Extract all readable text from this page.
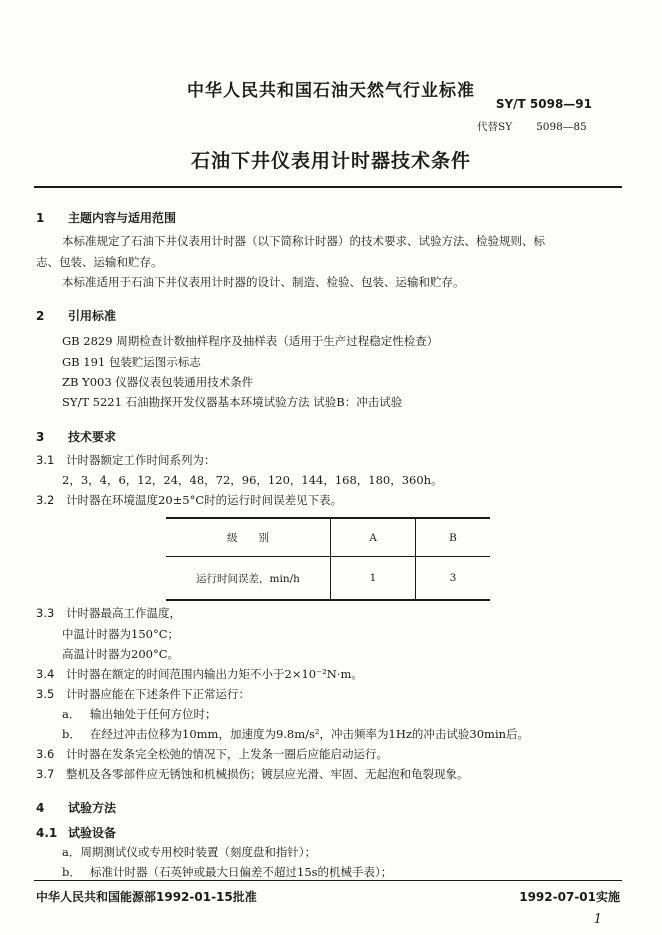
中华人民共和国石油天然气行业标准
SY/T 5098—91
代替SY 5098—85
石油下井仪表用计时器技术条件
1 主题内容与适用范围
本标准规定了石油下井仪表用计时器（以下简称计时器）的技术要求、试验方法、检验规则、标
志、包装、运输和贮存。
本标准适用于石油下井仪表用计时器的设计、制造、检验、包装、运输和贮存。
2 引用标准
GB 2829 周期检查计数抽样程序及抽样表（适用于生产过程稳定性检查）
GB 191 包装贮运图示标志
ZB Y003 仪器仪表包装通用技术条件
SY/T 5221 石油勘探开发仪器基本环境试验方法 试验B：冲击试验
3 技术要求
3.1 计时器额定工作时间系列为：
2，3，4，6，12，24，48，72，96，120，144，168，180，360h。
3.2 计时器在环境温度20±5°C时的运行时间误差见下表。
级　　别	A	B
运行时间误差，min/h	1	3
3.3 计时器最高工作温度，
中温计时器为150°C；
高温计时器为200°C。
3.4 计时器在额定的时间范围内输出力矩不小于2×10⁻²N·m。
3.5 计时器应能在下述条件下正常运行：
a． 输出轴处于任何方位时；
b． 在经过冲击位移为10mm，加速度为9.8m/s²，冲击频率为1Hz的冲击试验30min后。
3.6 计时器在发条完全松弛的情况下，上发条一圈后应能启动运行。
3.7 整机及各零部件应无锈蚀和机械损伤；镀层应光滑、牢固、无起泡和龟裂现象。
4 试验方法
4.1 试验设备
a．周期测试仪或专用校时装置（刻度盘和指针）；
b． 标准计时器（石英钟或最大日偏差不超过15s的机械手表）；
中华人民共和国能源部1992-01-15批准	1992-07-01实施
1
